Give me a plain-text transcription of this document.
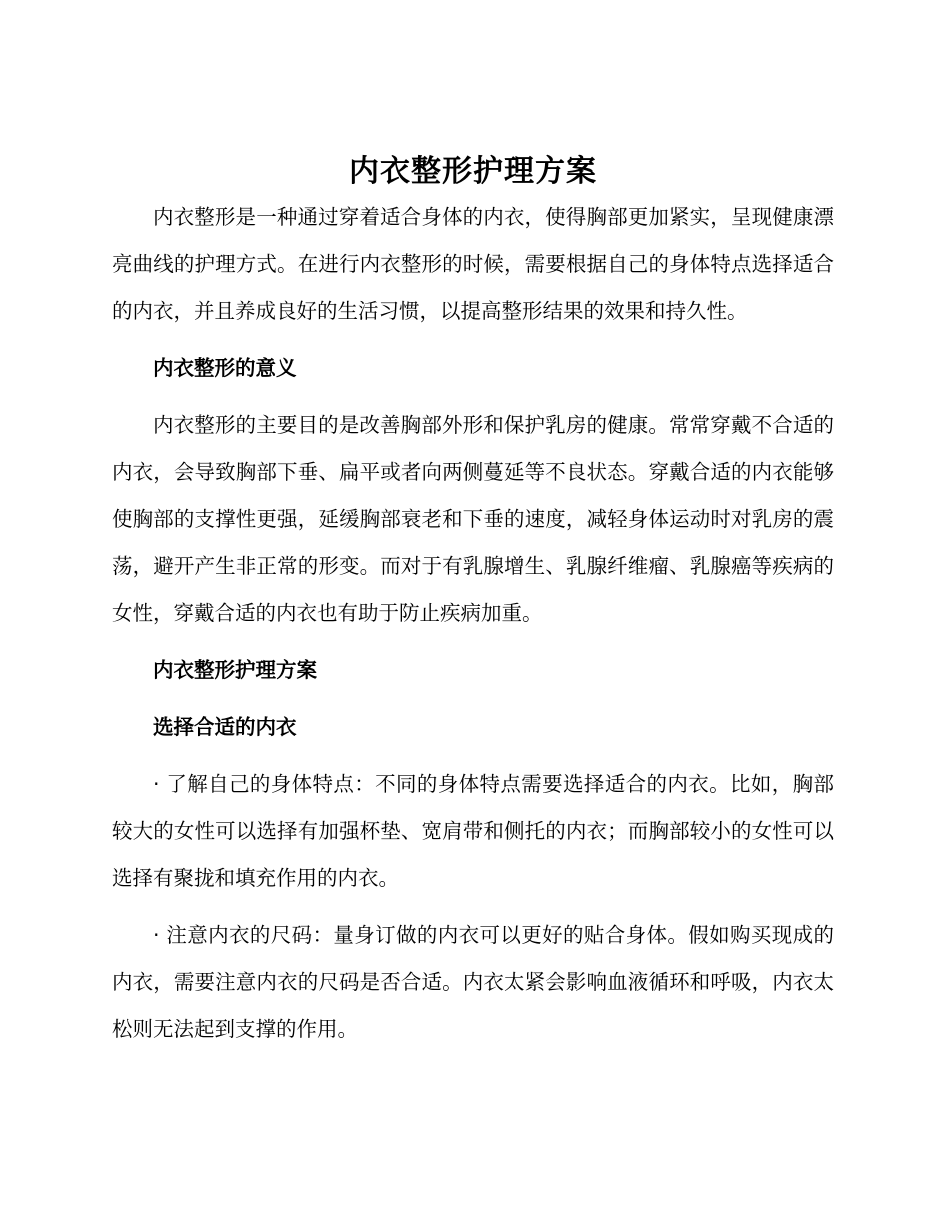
内衣整形护理方案

内衣整形是一种通过穿着适合身体的内衣，使得胸部更加紧实，呈现健康漂亮曲线的护理方式。在进行内衣整形的时候，需要根据自己的身体特点选择适合的内衣，并且养成良好的生活习惯，以提高整形结果的效果和持久性。

内衣整形的意义

内衣整形的主要目的是改善胸部外形和保护乳房的健康。常常穿戴不合适的内衣，会导致胸部下垂、扁平或者向两侧蔓延等不良状态。穿戴合适的内衣能够使胸部的支撑性更强，延缓胸部衰老和下垂的速度，减轻身体运动时对乳房的震荡，避开产生非正常的形变。而对于有乳腺增生、乳腺纤维瘤、乳腺癌等疾病的女性，穿戴合适的内衣也有助于防止疾病加重。

内衣整形护理方案

选择合适的内衣

· 了解自己的身体特点：不同的身体特点需要选择适合的内衣。比如，胸部较大的女性可以选择有加强杯垫、宽肩带和侧托的内衣；而胸部较小的女性可以选择有聚拢和填充作用的内衣。

· 注意内衣的尺码：量身订做的内衣可以更好的贴合身体。假如购买现成的内衣，需要注意内衣的尺码是否合适。内衣太紧会影响血液循环和呼吸，内衣太松则无法起到支撑的作用。
